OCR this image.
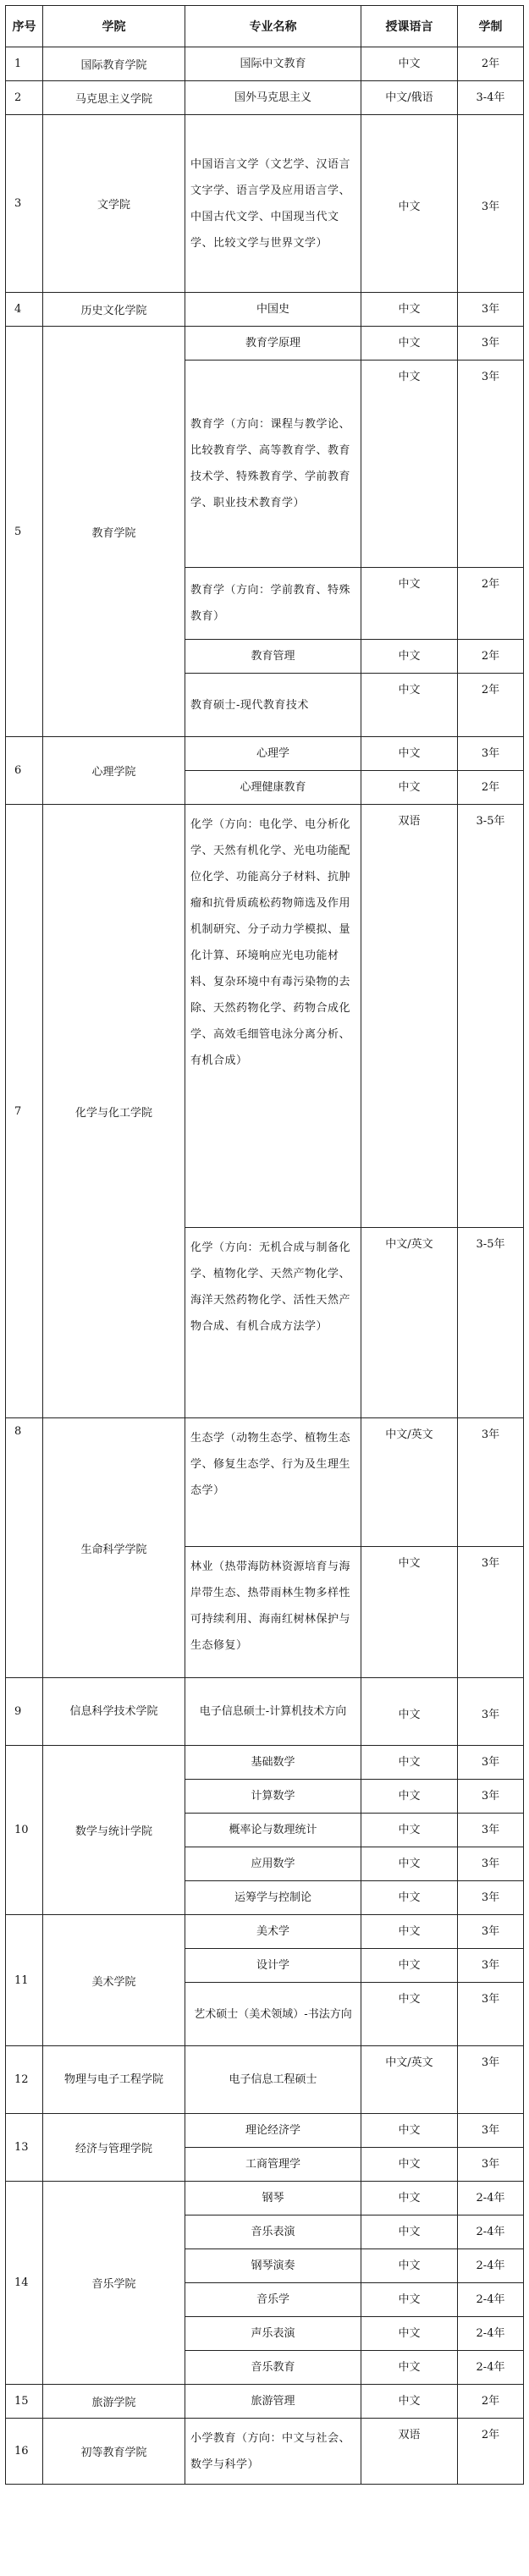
序号	学院	专业名称	授课语言	学制
1	国际教育学院	国际中文教育	中文	2年
2	马克思主义学院	国外马克思主义	中文/俄语	3-4年
3	文学院	中国语言文学（文艺学、汉语言文字学、语言学及应用语言学、中国古代文学、中国现当代文学、比较文学与世界文学）	中文	3年
4	历史文化学院	中国史	中文	3年
5	教育学院	教育学原理	中文	3年
		教育学（方向：课程与教学论、比较教育学、高等教育学、教育技术学、特殊教育学、学前教育学、职业技术教育学）	中文	3年
		教育学（方向：学前教育、特殊教育）	中文	2年
		教育管理	中文	2年
		教育硕士-现代教育技术	中文	2年
6	心理学院	心理学	中文	3年
		心理健康教育	中文	2年
7	化学与化工学院	化学（方向：电化学、电分析化学、天然有机化学、光电功能配位化学、功能高分子材料、抗肿瘤和抗骨质疏松药物筛选及作用机制研究、分子动力学模拟、量化计算、环境响应光电功能材料、复杂环境中有毒污染物的去除、天然药物化学、药物合成化学、高效毛细管电泳分离分析、有机合成）	双语	3-5年
		化学（方向：无机合成与制备化学、植物化学、天然产物化学、海洋天然药物化学、活性天然产物合成、有机合成方法学）	中文/英文	3-5年
8	生命科学学院	生态学（动物生态学、植物生态学、修复生态学、行为及生理生态学）	中文/英文	3年
		林业（热带海防林资源培育与海岸带生态、热带雨林生物多样性可持续利用、海南红树林保护与生态修复）	中文	3年
9	信息科学技术学院	电子信息硕士-计算机技术方向	中文	3年
10	数学与统计学院	基础数学	中文	3年
		计算数学	中文	3年
		概率论与数理统计	中文	3年
		应用数学	中文	3年
		运筹学与控制论	中文	3年
11	美术学院	美术学	中文	3年
		设计学	中文	3年
		艺术硕士（美术领域）-书法方向	中文	3年
12	物理与电子工程学院	电子信息工程硕士	中文/英文	3年
13	经济与管理学院	理论经济学	中文	3年
		工商管理学	中文	3年
14	音乐学院	钢琴	中文	2-4年
		音乐表演	中文	2-4年
		钢琴演奏	中文	2-4年
		音乐学	中文	2-4年
		声乐表演	中文	2-4年
		音乐教育	中文	2-4年
15	旅游学院	旅游管理	中文	2年
16	初等教育学院	小学教育（方向：中文与社会、数学与科学）	双语	2年
